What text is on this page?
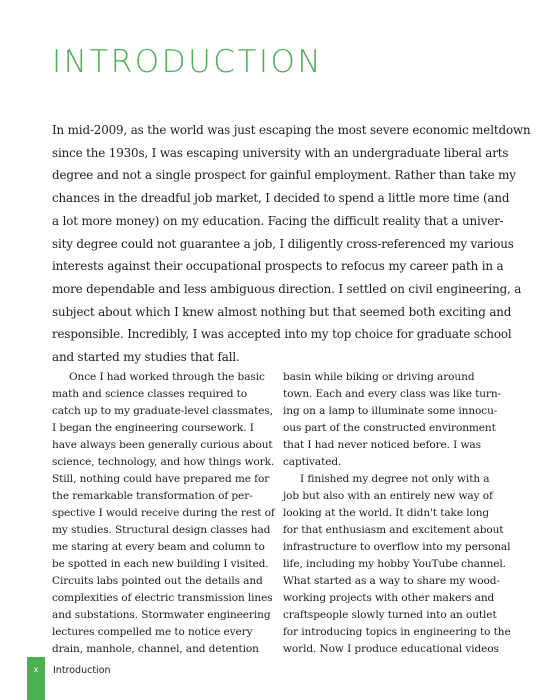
INTRODUCTION
In mid-2009, as the world was just escaping the most severe economic meltdown
since the 1930s, I was escaping university with an undergraduate liberal arts
degree and not a single prospect for gainful employment. Rather than take my
chances in the dreadful job market, I decided to spend a little more time (and
a lot more money) on my education. Facing the difficult reality that a univer-
sity degree could not guarantee a job, I diligently cross-referenced my various
interests against their occupational prospects to refocus my career path in a
more dependable and less ambiguous direction. I settled on civil engineering, a
subject about which I knew almost nothing but that seemed both exciting and
responsible. Incredibly, I was accepted into my top choice for graduate school
and started my studies that fall.
Once I had worked through the basic
math and science classes required to
catch up to my graduate-level classmates,
I began the engineering coursework. I
have always been generally curious about
science, technology, and how things work.
Still, nothing could have prepared me for
the remarkable transformation of per-
spective I would receive during the rest of
my studies. Structural design classes had
me staring at every beam and column to
be spotted in each new building I visited.
Circuits labs pointed out the details and
complexities of electric transmission lines
and substations. Stormwater engineering
lectures compelled me to notice every
drain, manhole, channel, and detention
basin while biking or driving around
town. Each and every class was like turn-
ing on a lamp to illuminate some innocu-
ous part of the constructed environment
that I had never noticed before. I was
captivated.
I finished my degree not only with a
job but also with an entirely new way of
looking at the world. It didn't take long
for that enthusiasm and excitement about
infrastructure to overflow into my personal
life, including my hobby YouTube channel.
What started as a way to share my wood-
working projects with other makers and
craftspeople slowly turned into an outlet
for introducing topics in engineering to the
world. Now I produce educational videos
x	Introduction
